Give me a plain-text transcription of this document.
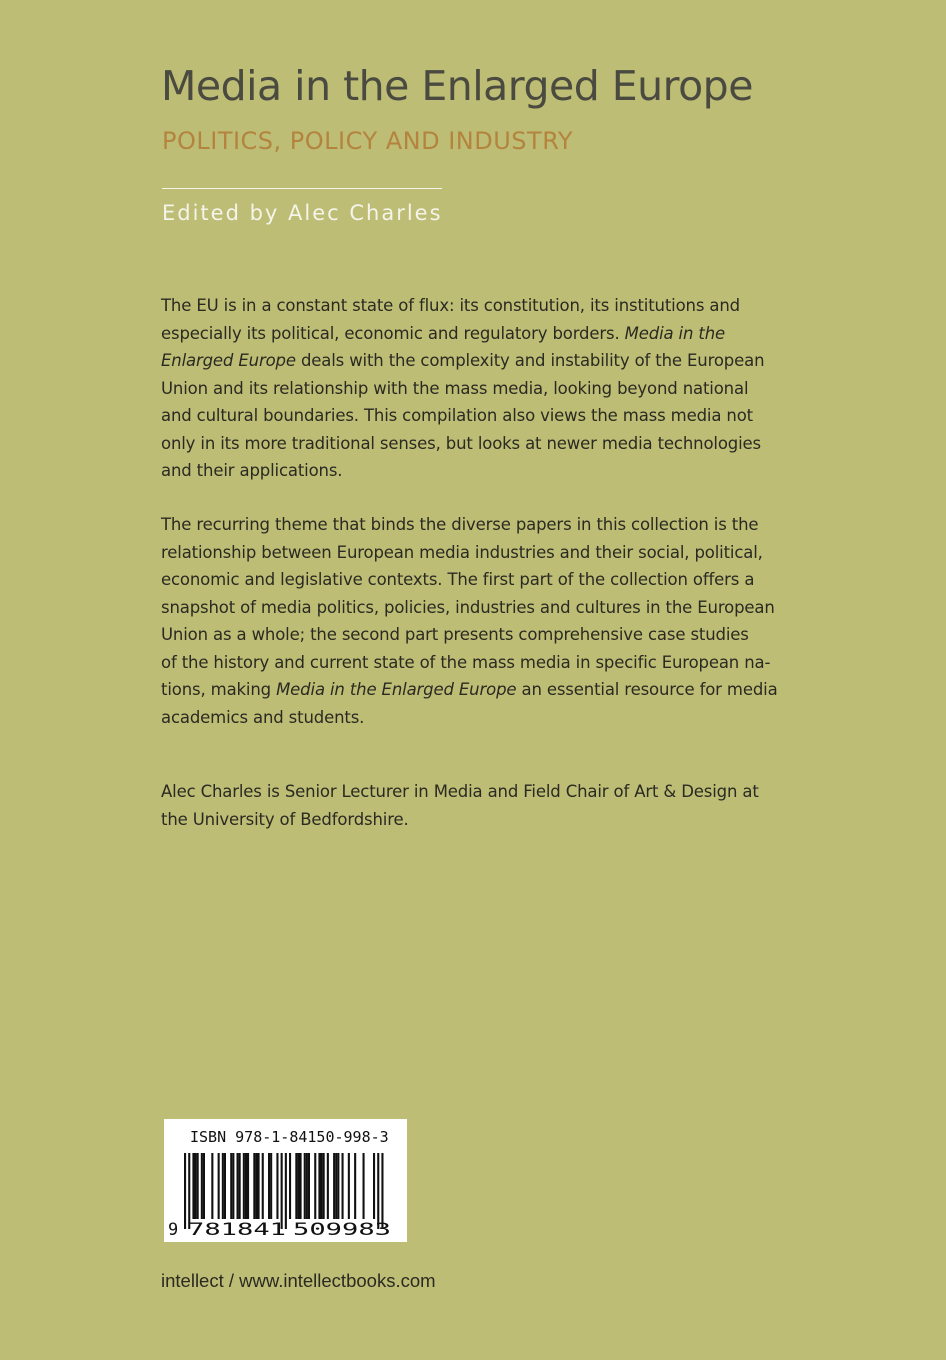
Media in the Enlarged Europe
POLITICS, POLICY AND INDUSTRY

Edited by Alec Charles

The EU is in a constant state of flux: its constitution, its institutions and
especially its political, economic and regulatory borders. Media in the
Enlarged Europe deals with the complexity and instability of the European
Union and its relationship with the mass media, looking beyond national
and cultural boundaries. This compilation also views the mass media not
only in its more traditional senses, but looks at newer media technologies
and their applications.

The recurring theme that binds the diverse papers in this collection is the
relationship between European media industries and their social, political,
economic and legislative contexts. The first part of the collection offers a
snapshot of media politics, policies, industries and cultures in the European
Union as a whole; the second part presents comprehensive case studies
of the history and current state of the mass media in specific European na-
tions, making Media in the Enlarged Europe an essential resource for media
academics and students.

Alec Charles is Senior Lecturer in Media and Field Chair of Art & Design at
the University of Bedfordshire.

ISBN 978-1-84150-998-3

9 781841 509983

intellect / www.intellectbooks.com
